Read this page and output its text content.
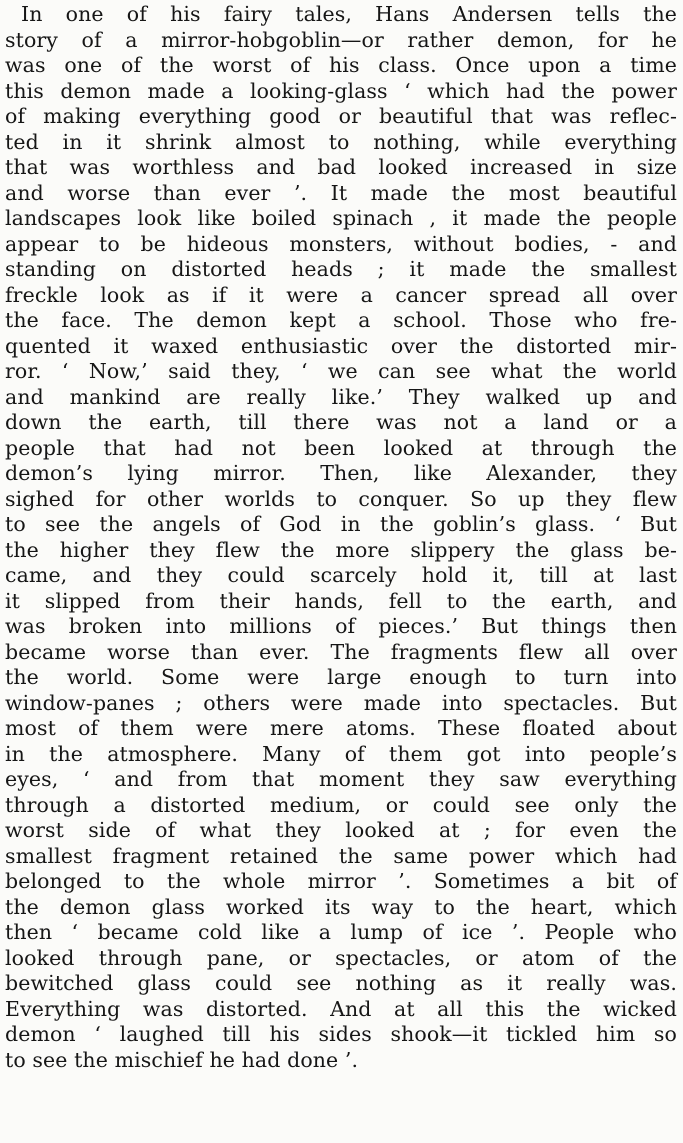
In one of his fairy tales, Hans Andersen tells the
story of a mirror-hobgoblin—or rather demon, for he
was one of the worst of his class. Once upon a time
this demon made a looking-glass ‘ which had the power
of making everything good or beautiful that was reflec-
ted in it shrink almost to nothing, while everything
that was worthless and bad looked increased in size
and worse than ever ’. It made the most beautiful
landscapes look like boiled spinach , it made the people
appear to be hideous monsters, without bodies, - and
standing on distorted heads ; it made the smallest
freckle look as if it were a cancer spread all over
the face. The demon kept a school. Those who fre-
quented it waxed enthusiastic over the distorted mir-
ror. ‘ Now,’ said they, ‘ we can see what the world
and mankind are really like.’ They walked up and
down the earth, till there was not a land or a
people that had not been looked at through the
demon’s lying mirror. Then, like Alexander, they
sighed for other worlds to conquer. So up they flew
to see the angels of God in the goblin’s glass. ‘ But
the higher they flew the more slippery the glass be-
came, and they could scarcely hold it, till at last
it slipped from their hands, fell to the earth, and
was broken into millions of pieces.’ But things then
became worse than ever. The fragments flew all over
the world. Some were large enough to turn into
window-panes ; others were made into spectacles. But
most of them were mere atoms. These floated about
in the atmosphere. Many of them got into people’s
eyes, ‘ and from that moment they saw everything
through a distorted medium, or could see only the
worst side of what they looked at ; for even the
smallest fragment retained the same power which had
belonged to the whole mirror ’. Sometimes a bit of
the demon glass worked its way to the heart, which
then ‘ became cold like a lump of ice ’. People who
looked through pane, or spectacles, or atom of the
bewitched glass could see nothing as it really was.
Everything was distorted. And at all this the wicked
demon ‘ laughed till his sides shook—it tickled him so
to see the mischief he had done ’.
